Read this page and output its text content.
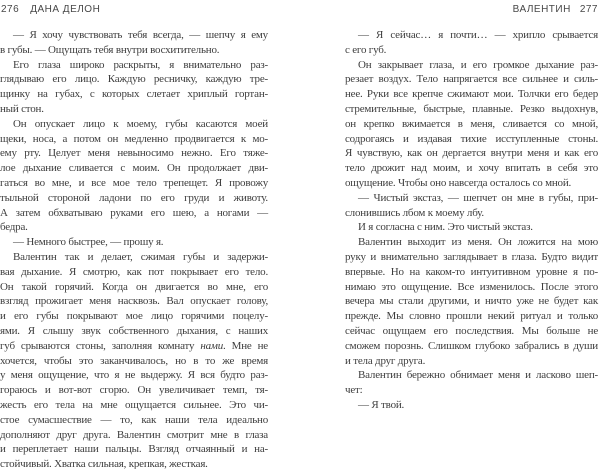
276 ДАНА ДЕЛОН
— Я хочу чувствовать тебя всегда, — шепчу я ему
в губы. — Ощущать тебя внутри восхитительно.
Его глаза широко раскрыты, я внимательно раз-
глядываю его лицо. Каждую ресничку, каждую тре-
щинку на губах, с которых слетает хриплый гортан-
ный стон.
Он опускает лицо к моему, губы касаются моей
щеки, носа, а потом он медленно продвигается к мо-
ему рту. Целует меня невыносимо нежно. Его тяже-
лое дыхание сливается с моим. Он продолжает дви-
гаться во мне, и все мое тело трепещет. Я провожу
тыльной стороной ладони по его груди и животу.
А затем обхватываю руками его шею, а ногами —
бедра.
— Немного быстрее, — прошу я.
Валентин так и делает, сжимая губы и задержи-
вая дыхание. Я смотрю, как пот покрывает его тело.
Он такой горячий. Когда он двигается во мне, его
взгляд прожигает меня насквозь. Вал опускает голову,
и его губы покрывают мое лицо горячими поцелу-
ями. Я слышу звук собственного дыхания, с наших
губ срываются стоны, заполняя комнату нами. Мне не
хочется, чтобы это заканчивалось, но в то же время
у меня ощущение, что я не выдержу. Я вся будто раз-
гораюсь и вот-вот сгорю. Он увеличивает темп, тя-
жесть его тела на мне ощущается сильнее. Это чи-
стое сумасшествие — то, как наши тела идеально
дополняют друг друга. Валентин смотрит мне в глаза
и переплетает наши пальцы. Взгляд отчаянный и на-
стойчивый. Хватка сильная, крепкая, жесткая.
ВАЛЕНТИН 277
— Я сейчас… я почти… — хрипло срывается
с его губ.
Он закрывает глаза, и его громкое дыхание раз-
резает воздух. Тело напрягается все сильнее и силь-
нее. Руки все крепче сжимают мои. Толчки его бедер
стремительные, быстрые, плавные. Резко выдохнув,
он крепко вжимается в меня, сливается со мной,
содрогаясь и издавая тихие исступленные стоны.
Я чувствую, как он дергается внутри меня и как его
тело дрожит над моим, и хочу впитать в себя это
ощущение. Чтобы оно навсегда осталось со мной.
— Чистый экстаз, — шепчет он мне в губы, при-
слонившись лбом к моему лбу.
И я согласна с ним. Это чистый экстаз.
Валентин выходит из меня. Он ложится на мою
руку и внимательно заглядывает в глаза. Будто видит
впервые. Но на каком-то интуитивном уровне я по-
нимаю это ощущение. Все изменилось. После этого
вечера мы стали другими, и ничто уже не будет как
прежде. Мы словно прошли некий ритуал и только
сейчас ощущаем его последствия. Мы больше не
сможем порознь. Слишком глубоко забрались в души
и тела друг друга.
Валентин бережно обнимает меня и ласково шеп-
чет:
— Я твой.
